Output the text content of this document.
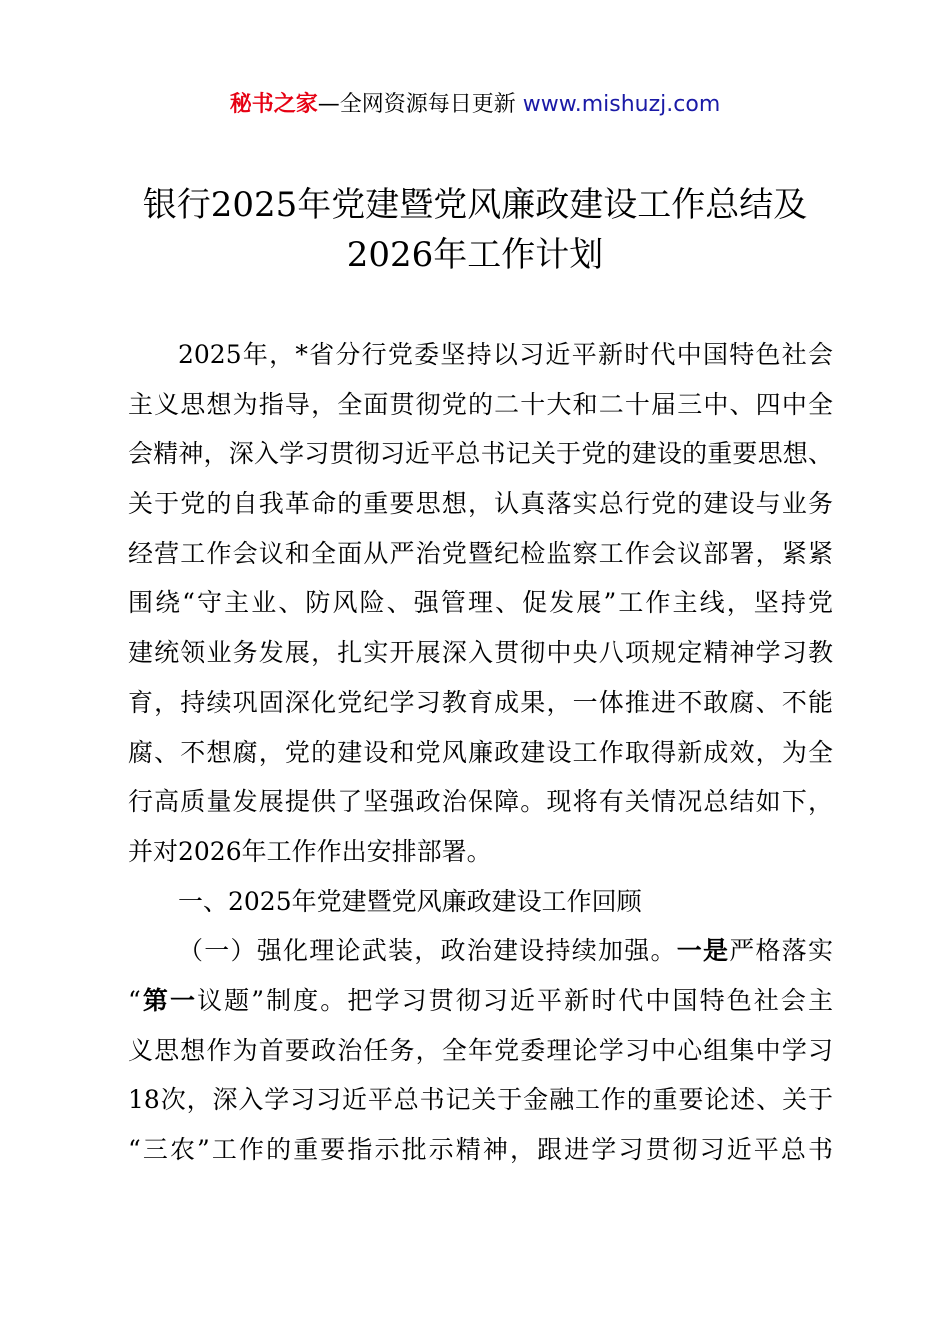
秘书之家—全网资源每日更新 www.mishuzj.com
银行2025年党建暨党风廉政建设工作总结及
2026年工作计划
2025年，*省分行党委坚持以习近平新时代中国特色社会
主义思想为指导，全面贯彻党的二十大和二十届三中、四中全
会精神，深入学习贯彻习近平总书记关于党的建设的重要思想、
关于党的自我革命的重要思想，认真落实总行党的建设与业务
经营工作会议和全面从严治党暨纪检监察工作会议部署，紧紧
围绕“守主业、防风险、强管理、促发展”工作主线，坚持党
建统领业务发展，扎实开展深入贯彻中央八项规定精神学习教
育，持续巩固深化党纪学习教育成果，一体推进不敢腐、不能
腐、不想腐，党的建设和党风廉政建设工作取得新成效，为全
行高质量发展提供了坚强政治保障。现将有关情况总结如下，
并对2026年工作作出安排部署。
一、2025年党建暨党风廉政建设工作回顾
（一）强化理论武装，政治建设持续加强。一是严格落实
“第一议题”制度。把学习贯彻习近平新时代中国特色社会主
义思想作为首要政治任务，全年党委理论学习中心组集中学习
18次，深入学习习近平总书记关于金融工作的重要论述、关于
“三农”工作的重要指示批示精神，跟进学习贯彻习近平总书
